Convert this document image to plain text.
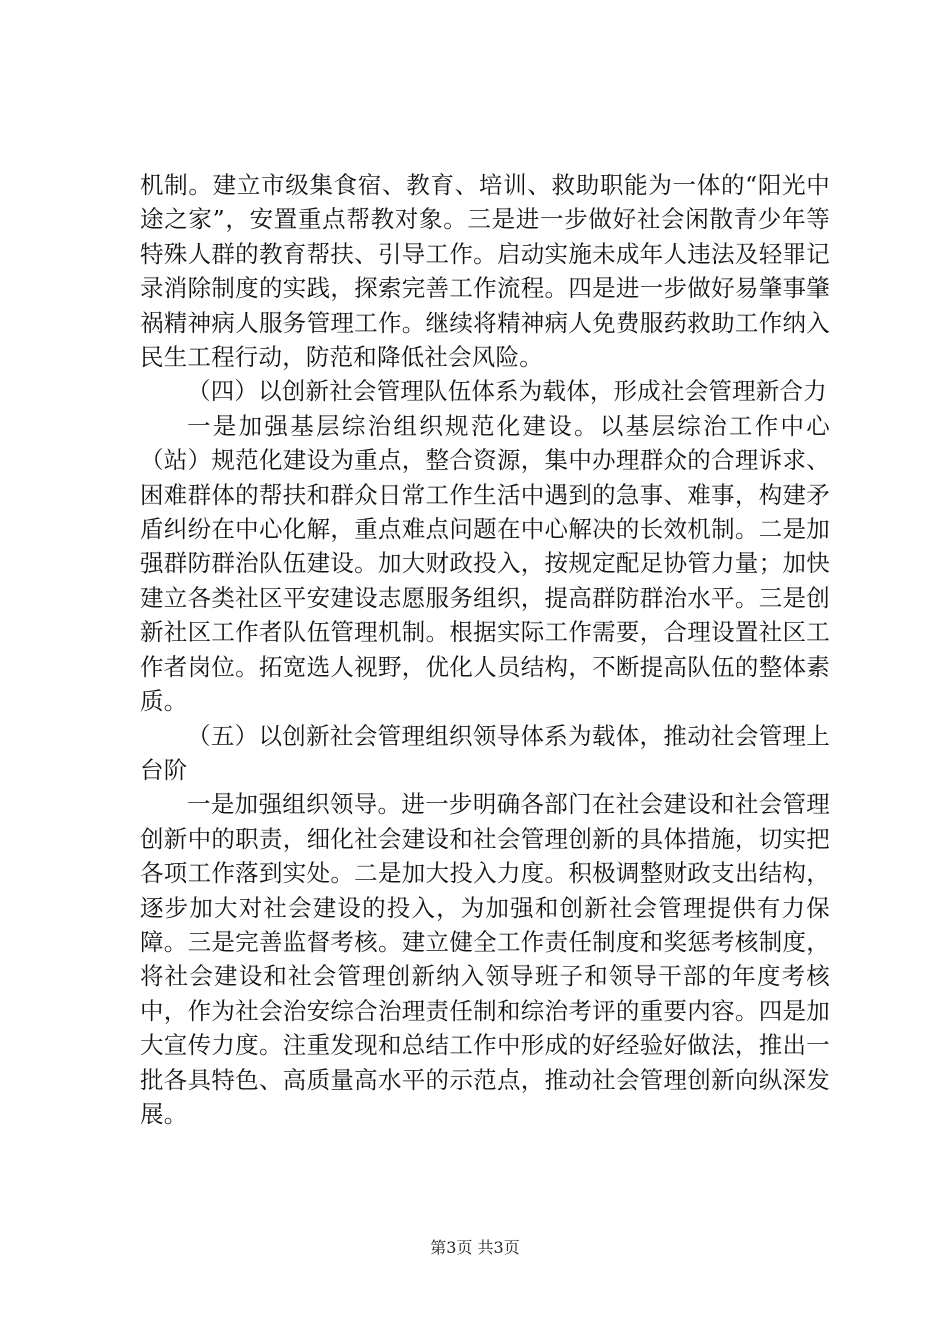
机制。建立市级集食宿、教育、培训、救助职能为一体的“阳光中途之家”，安置重点帮教对象。三是进一步做好社会闲散青少年等特殊人群的教育帮扶、引导工作。启动实施未成年人违法及轻罪记录消除制度的实践，探索完善工作流程。四是进一步做好易肇事肇祸精神病人服务管理工作。继续将精神病人免费服药救助工作纳入民生工程行动，防范和降低社会风险。

（四）以创新社会管理队伍体系为载体，形成社会管理新合力

一是加强基层综治组织规范化建设。以基层综治工作中心（站）规范化建设为重点，整合资源，集中办理群众的合理诉求、困难群体的帮扶和群众日常工作生活中遇到的急事、难事，构建矛盾纠纷在中心化解，重点难点问题在中心解决的长效机制。二是加强群防群治队伍建设。加大财政投入，按规定配足协管力量；加快建立各类社区平安建设志愿服务组织，提高群防群治水平。三是创新社区工作者队伍管理机制。根据实际工作需要，合理设置社区工作者岗位。拓宽选人视野，优化人员结构，不断提高队伍的整体素质。

（五）以创新社会管理组织领导体系为载体，推动社会管理上台阶

一是加强组织领导。进一步明确各部门在社会建设和社会管理创新中的职责，细化社会建设和社会管理创新的具体措施，切实把各项工作落到实处。二是加大投入力度。积极调整财政支出结构，逐步加大对社会建设的投入，为加强和创新社会管理提供有力保障。三是完善监督考核。建立健全工作责任制度和奖惩考核制度，将社会建设和社会管理创新纳入领导班子和领导干部的年度考核中，作为社会治安综合治理责任制和综治考评的重要内容。四是加大宣传力度。注重发现和总结工作中形成的好经验好做法，推出一批各具特色、高质量高水平的示范点，推动社会管理创新向纵深发展。

第3页 共3页
